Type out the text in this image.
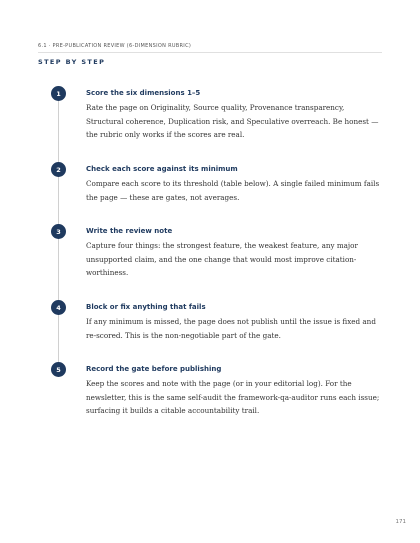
6.1 · PRE-PUBLICATION REVIEW (6-DIMENSION RUBRIC)
STEP BY STEP
1	Score the six dimensions 1–5
Rate the page on Originality, Source quality, Provenance transparency, Structural coherence, Duplication risk, and Speculative overreach. Be honest — the rubric only works if the scores are real.
2	Check each score against its minimum
Compare each score to its threshold (table below). A single failed minimum fails the page — these are gates, not averages.
3	Write the review note
Capture four things: the strongest feature, the weakest feature, any major unsupported claim, and the one change that would most improve citation-worthiness.
4	Block or fix anything that fails
If any minimum is missed, the page does not publish until the issue is fixed and re-scored. This is the non-negotiable part of the gate.
5	Record the gate before publishing
Keep the scores and note with the page (or in your editorial log). For the newsletter, this is the same self-audit the framework-qa-auditor runs each issue; surfacing it builds a citable accountability trail.
171
